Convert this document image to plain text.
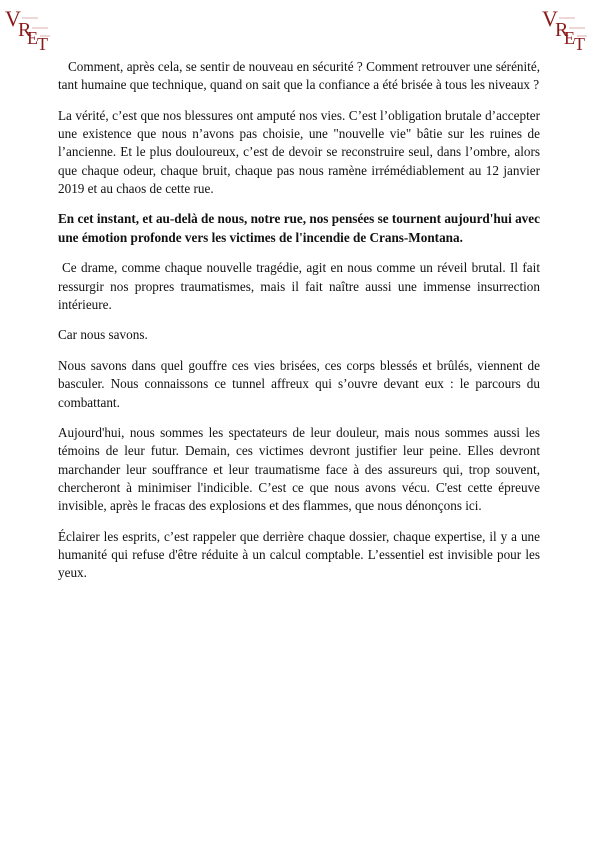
V
R
E T
V
R
E T

Comment, après cela, se sentir de nouveau en sécurité ? Comment retrouver une sérénité, tant humaine que technique, quand on sait que la confiance a été brisée à tous les niveaux ?

La vérité, c’est que nos blessures ont amputé nos vies. C’est l’obligation brutale d’accepter une existence que nous n’avons pas choisie, une "nouvelle vie" bâtie sur les ruines de l’ancienne. Et le plus douloureux, c’est de devoir se reconstruire seul, dans l’ombre, alors que chaque odeur, chaque bruit, chaque pas nous ramène irrémédiablement au 12 janvier 2019 et au chaos de cette rue.

En cet instant, et au-delà de nous, notre rue, nos pensées se tournent aujourd'hui avec une émotion profonde vers les victimes de l'incendie de Crans-Montana.

Ce drame, comme chaque nouvelle tragédie, agit en nous comme un réveil brutal. Il fait ressurgir nos propres traumatismes, mais il fait naître aussi une immense insurrection intérieure.

Car nous savons.

Nous savons dans quel gouffre ces vies brisées, ces corps blessés et brûlés, viennent de basculer. Nous connaissons ce tunnel affreux qui s’ouvre devant eux : le parcours du combattant.

Aujourd'hui, nous sommes les spectateurs de leur douleur, mais nous sommes aussi les témoins de leur futur. Demain, ces victimes devront justifier leur peine. Elles devront marchander leur souffrance et leur traumatisme face à des assureurs qui, trop souvent, chercheront à minimiser l'indicible. C’est ce que nous avons vécu. C'est cette épreuve invisible, après le fracas des explosions et des flammes, que nous dénonçons ici.

Éclairer les esprits, c’est rappeler que derrière chaque dossier, chaque expertise, il y a une humanité qui refuse d'être réduite à un calcul comptable. L’essentiel est invisible pour les yeux.
